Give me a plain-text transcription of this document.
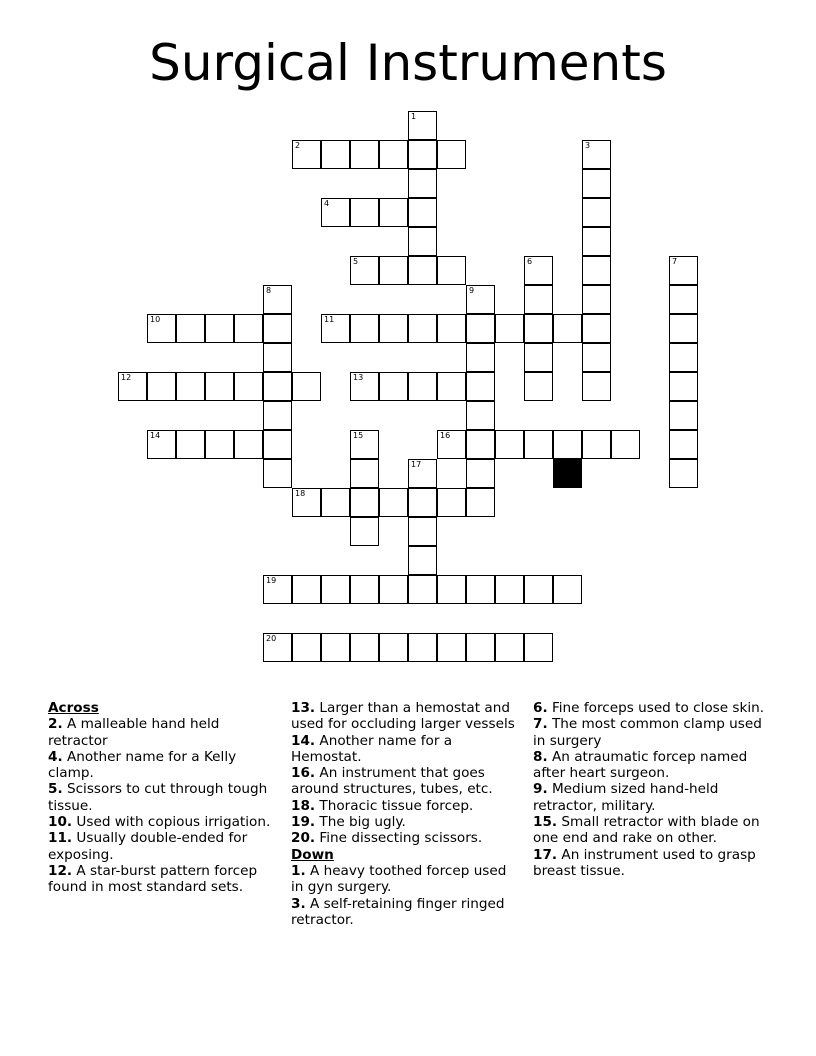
Surgical Instruments
2
4
5
10	11
12	13
14	16
18
19
20
1
3
6	7
8	9
15
17
Across
2. A malleable hand held retractor
4. Another name for a Kelly clamp.
5. Scissors to cut through tough tissue.
10. Used with copious irrigation.
11. Usually double-ended for exposing.
12. A star-burst pattern forcep found in most standard sets.
13. Larger than a hemostat and used for occluding larger vessels
14. Another name for a Hemostat.
16. An instrument that goes around structures, tubes, etc.
18. Thoracic tissue forcep.
19. The big ugly.
20. Fine dissecting scissors.
Down
1. A heavy toothed forcep used in gyn surgery.
3. A self-retaining finger ringed retractor.
6. Fine forceps used to close skin.
7. The most common clamp used in surgery
8. An atraumatic forcep named after heart surgeon.
9. Medium sized hand-held retractor, military.
15. Small retractor with blade on one end and rake on other.
17. An instrument used to grasp breast tissue.
